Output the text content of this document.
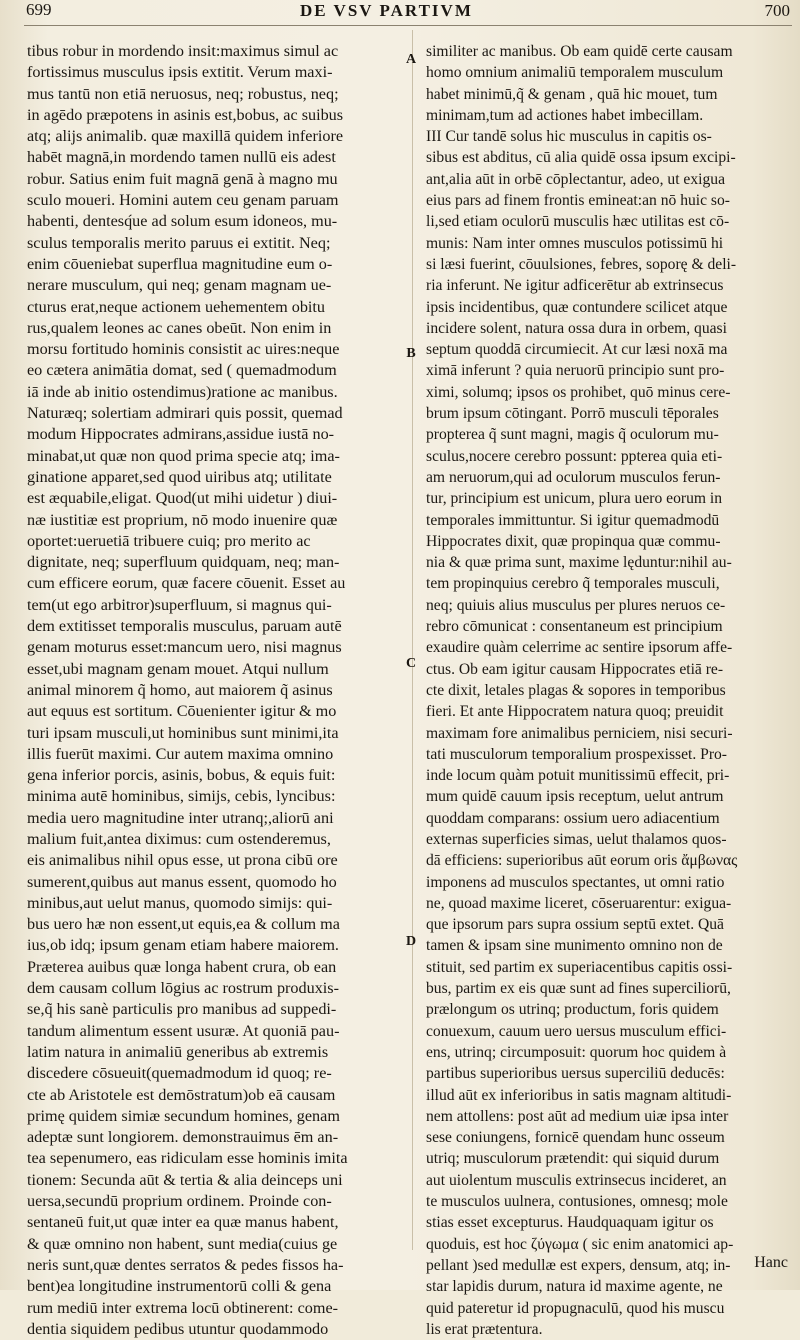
699	DE VSV PARTIVM	700
A
B
C
D
tibus robur in mordendo insit:maximus simul ac
fortissimus musculus ipsis extitit. Verum maxi-
mus tantū non etiā neruosus, neq; robustus, neq;
in agēdo præpotens in asinis est,bobus, ac suibus
atq; alijs animalib. quæ maxillā quidem inferiore
habēt magnā,in mordendo tamen nullū eis adest
robur. Satius enim fuit magnā genā à magno mu
sculo moueri. Homini autem ceu genam paruam
habenti, dentesq́ue ad solum esum idoneos, mu-
sculus temporalis merito paruus ei extitit. Neq;
enim cōueniebat superflua magnitudine eum o-
nerare musculum, qui neq; genam magnam ue-
cturus erat,neque actionem uehementem obitu
rus,qualem leones ac canes obeūt. Non enim in
morsu fortitudo hominis consistit ac uires:neque
eo cætera animātia domat, sed ( quemadmodum
iā inde ab initio ostendimus)ratione ac manibus.
Naturæq; solertiam admirari quis possit, quemad
modum Hippocrates admirans,assidue iustā no-
minabat,ut quæ non quod prima specie atq; ima-
ginatione apparet,sed quod uiribus atq; utilitate
est æquabile,eligat. Quod(ut mihi uidetur ) diui-
næ iustitiæ est proprium, nō modo inuenire quæ
oportet:ueruetiā tribuere cuiq; pro merito ac
dignitate, neq; superfluum quidquam, neq; man-
cum efficere eorum, quæ facere cōuenit. Esset au
tem(ut ego arbitror)superfluum, si magnus qui-
dem extitisset temporalis musculus, paruam autē
genam moturus esset:mancum uero, nisi magnus
esset,ubi magnam genam mouet. Atqui nullum
animal minorem q̃ homo, aut maiorem q̃ asinus
aut equus est sortitum. Cōuenienter igitur & mo
turi ipsam musculi,ut hominibus sunt minimi,ita
illis fuerūt maximi. Cur autem maxima omnino
gena inferior porcis, asinis, bobus, & equis fuit:
minima autē hominibus, simijs, cebis, lyncibus:
media uero magnitudine inter utranq;,aliorū ani
malium fuit,antea diximus: cum ostenderemus,
eis animalibus nihil opus esse, ut prona cibū ore
sumerent,quibus aut manus essent, quomodo ho
minibus,aut uelut manus, quomodo simijs: qui-
bus uero hæ non essent,ut equis,ea & collum ma
ius,ob idq; ipsum genam etiam habere maiorem.
Præterea auibus quæ longa habent crura, ob ean
dem causam collum lōgius ac rostrum produxis-
se,q̃ his sanè particulis pro manibus ad suppedi-
tandum alimentum essent usuræ. At quoniā pau-
latim natura in animaliū generibus ab extremis
discedere cōsueuit(quemadmodum id quoq; re-
cte ab Aristotele est demōstratum)ob eā causam
primę quidem simiæ secundum homines, genam
adeptæ sunt longiorem. demonstrauimus ēm an-
tea sepenumero, eas ridiculam esse hominis imita
tionem: Secunda aūt & tertia & alia deinceps uni
uersa,secundū proprium ordinem. Proinde con-
sentaneū fuit,ut quæ inter ea quæ manus habent,
& quæ omnino non habent, sunt media(cuius ge
neris sunt,quæ dentes serratos & pedes fissos ha-
bent)ea longitudine instrumentorū colli & gena
rum mediū inter extrema locū obtinerent: come-
dentia siquidem pedibus utuntur quodammodo
similiter ac manibus. Ob eam quidē certe causam
homo omnium animaliū temporalem musculum
habet minimū,q̃ & genam , quā hic mouet, tum
minimam,tum ad actiones habet imbecillam.
III Cur tandē solus hic musculus in capitis os-
sibus est abditus, cū alia quidē ossa ipsum excipi-
ant,alia aūt in orbē cōplectantur, adeo, ut exigua
eius pars ad finem frontis emineat:an nō huic so-
li,sed etiam oculorū musculis hæc utilitas est cō-
munis: Nam inter omnes musculos potissimū hi
si læsi fuerint, cōuulsiones, febres, soporę & deli-
ria inferunt. Ne igitur adficerētur ab extrinsecus
ipsis incidentibus, quæ contundere scilicet atque
incidere solent, natura ossa dura in orbem, quasi
septum quoddā circumiecit. At cur læsi noxā ma
ximā inferunt ? quia neruorū principio sunt pro-
ximi, solumq; ipsos os prohibet, quō minus cere-
brum ipsum cōtingant. Porrō musculi tēporales
propterea q̃ sunt magni, magis q̃ oculorum mu-
sculus,nocere cerebro possunt: ppterea quia eti-
am neruorum,qui ad oculorum musculos ferun-
tur, principium est unicum, plura uero eorum in
temporales immittuntur. Si igitur quemadmodū
Hippocrates dixit, quæ propinqua quæ commu-
nia & quæ prima sunt, maxime lęduntur:nihil au-
tem propinquius cerebro q̃ temporales musculi,
neq; quiuis alius musculus per plures neruos ce-
rebro cōmunicat : consentaneum est principium
exaudire quàm celerrime ac sentire ipsorum affe-
ctus. Ob eam igitur causam Hippocrates etiā re-
cte dixit, letales plagas & sopores in temporibus
fieri. Et ante Hippocratem natura quoq; preuidit
maximam fore animalibus perniciem, nisi securi-
tati musculorum temporalium prospexisset. Pro-
inde locum quàm potuit munitissimū effecit, pri-
mum quidē cauum ipsis receptum, uelut antrum
quoddam comparans: ossium uero adiacentium
externas superficies simas, uelut thalamos quos-
dā efficiens: superioribus aūt eorum oris ἄμβωνας
imponens ad musculos spectantes, ut omni ratio
ne, quoad maxime liceret, cōseruarentur: exigua-
que ipsorum pars supra ossium septū extet. Quā
tamen & ipsam sine munimento omnino non de
stituit, sed partim ex superiacentibus capitis ossi-
bus, partim ex eis quæ sunt ad fines superciliorū,
prælongum os utrinq; productum, foris quidem
conuexum, cauum uero uersus musculum effici-
ens, utrinq; circumposuit: quorum hoc quidem à
partibus superioribus uersus superciliū deducēs:
illud aūt ex inferioribus in satis magnam altitudi-
nem attollens: post aūt ad medium uiæ ipsa inter
sese coniungens, fornicē quendam hunc osseum
utriq; musculorum prætendit: qui siquid durum
aut uiolentum musculis extrinsecus incideret, an
te musculos uulnera, contusiones, omnesq; mole
stias esset excepturus. Haudquaquam igitur os
quoduis, est hoc ζύγωμα ( sic enim anatomici ap-
pellant )sed medullæ est expers, densum, atq; in-
star lapidis durum, natura id maxime agente, ne
quid pateretur id propugnaculū, quod his muscu
lis erat prætentura.
Hanc
